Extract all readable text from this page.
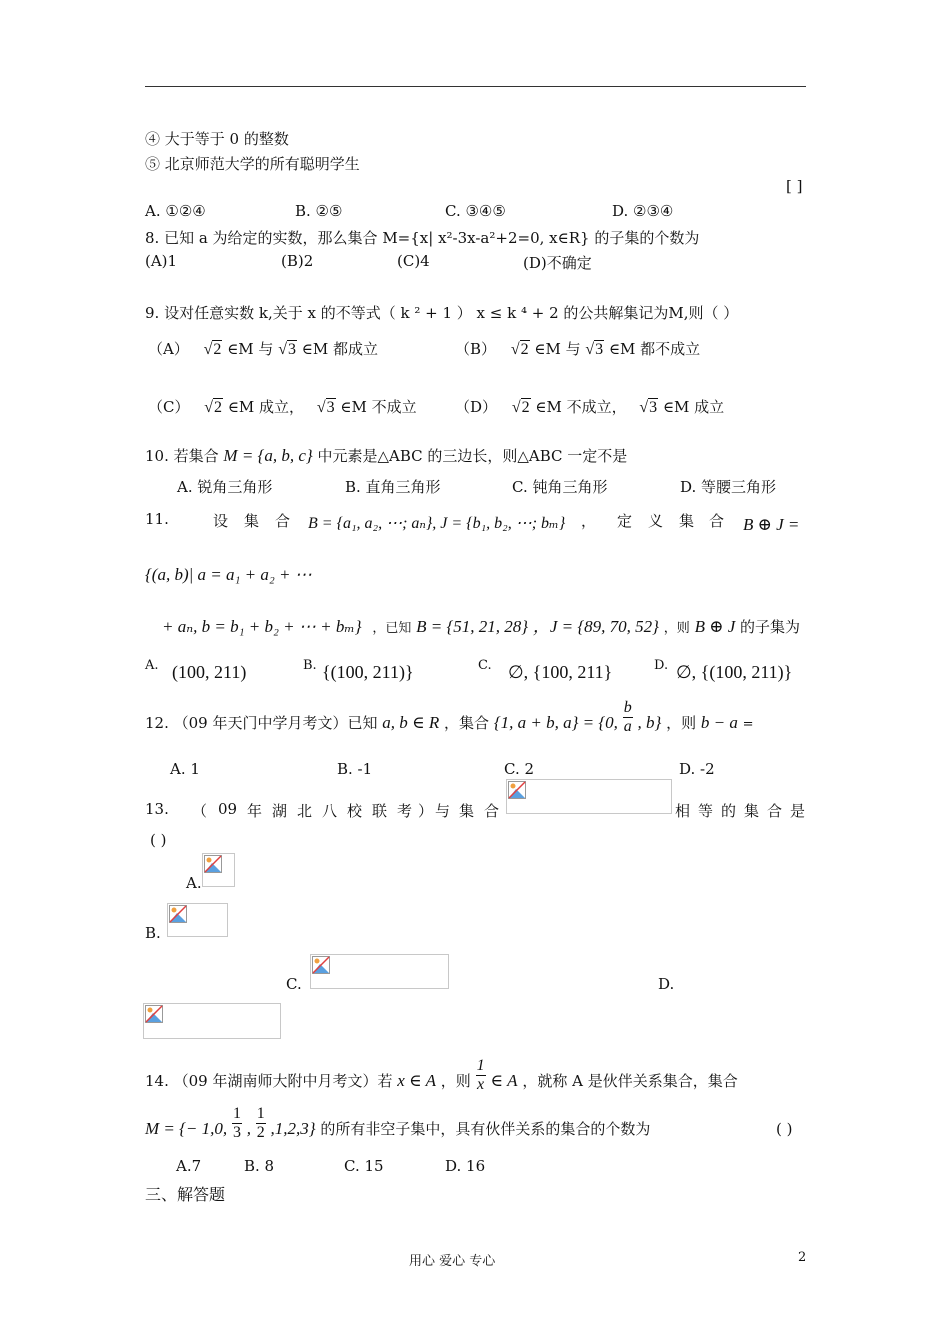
④ 大于等于 0 的整数
⑤ 北京师范大学的所有聪明学生
[ ]
A. ①②④	B. ②⑤	C. ③④⑤	D. ②③④
8. 已知 a 为给定的实数，那么集合 M={x| x²-3x-a²+2=0, x∈R} 的子集的个数为
(A)1	(B)2	(C)4	(D)不确定
9. 设对任意实数 k,关于 x 的不等式（ k ² + 1 ） x ≤ k ⁴ + 2 的公共解集记为M,则（ ）
（A） √2 ∈M 与 √3 ∈M 都成立	（B） √2 ∈M 与 √3 ∈M 都不成立
（C） √2 ∈M 成立， √3 ∈M 不成立	（D） √2 ∈M 不成立， √3 ∈M 成立
10. 若集合 M = {a, b, c} 中元素是△ABC 的三边长，则△ABC 一定不是
A. 锐角三角形	B. 直角三角形	C. 钝角三角形	D. 等腰三角形
11.	设 集 合 B = {a₁, a₂, ⋯; aₙ}, J = {b₁, b₂, ⋯; bₘ} ， 定 义 集 合 B ⊕ J =
{(a, b)| a = a₁ + a₂ + ⋯
+ aₙ, b = b₁ + b₂ + ⋯ + bₘ} ，已知 B = {51, 21, 28} ，J = {89, 70, 52} ，则 B ⊕ J 的子集为
A. (100, 211)	B. {(100, 211)}	C. ∅, {100, 211}	D. ∅, {(100, 211)}
12. （09 年天门中学月考文）已知 a, b ∈ R ，集合 {1, a + b, a} = {0, $\frac{b}{a}$ , b} ，则 b − a =
A. 1	B. -1	C. 2	D. -2
13. （ 09 年 湖 北 八 校 联 考 ） 与 集 合	相 等 的 集 合 是
( )
A.
B.
C.	D.
14. （09 年湖南师大附中月考文）若 x ∈ A ，则 $\frac{1}{x}$ ∈ A ，就称 A 是伙伴关系集合，集合
M = {− 1,0, $\frac{1}{3}$ , $\frac{1}{2} ,1,2,3$} 的所有非空子集中，具有伙伴关系的集合的个数为	( )
A.7	B. 8	C. 15	D. 16
三、解答题
用心 爱心 专心	2
